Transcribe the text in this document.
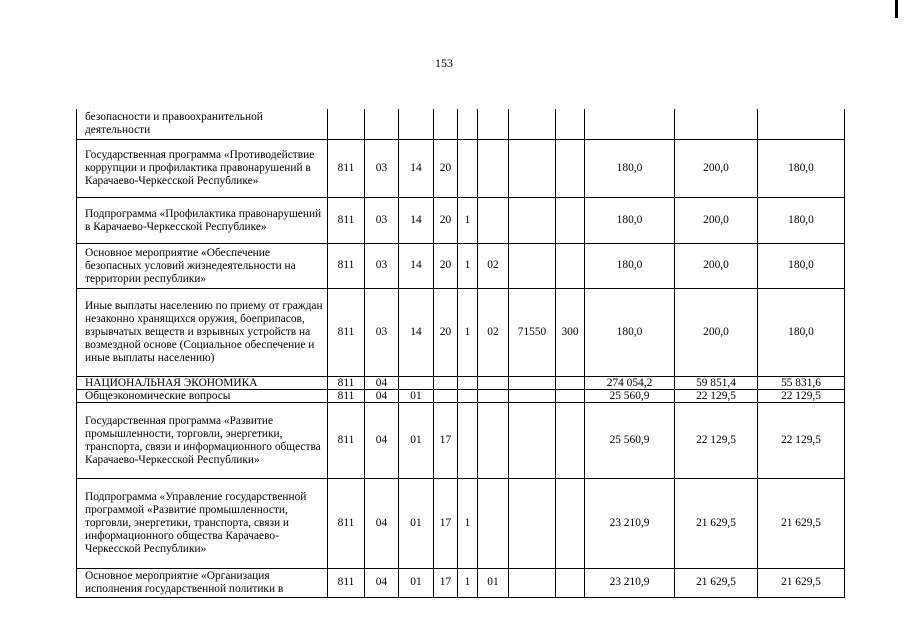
153
безопасности и правоохранительной деятельности											
Государственная программа «Противодействие коррупции и профилактика правонарушений в Карачаево-Черкесской Республике»	811	03	14	20					180,0	200,0	180,0
Подпрограмма «Профилактика правонарушений в Карачаево-Черкесской Республике»	811	03	14	20	1				180,0	200,0	180,0
Основное мероприятие «Обеспечение безопасных условий жизнедеятельности на территории республики»	811	03	14	20	1	02			180,0	200,0	180,0
Иные выплаты населению по приему от граждан незаконно хранящихся оружия, боеприпасов, взрывчатых веществ и взрывных устройств на возмездной основе (Социальное обеспечение и иные выплаты населению)	811	03	14	20	1	02	71550	300	180,0	200,0	180,0
НАЦИОНАЛЬНАЯ ЭКОНОМИКА	811	04							274 054,2	59 851,4	55 831,6
Общеэкономические вопросы	811	04	01						25 560,9	22 129,5	22 129,5
Государственная программа «Развитие промышленности, торговли, энергетики, транспорта, связи и информационного общества Карачаево-Черкесской Республики»	811	04	01	17					25 560,9	22 129,5	22 129,5
Подпрограмма «Управление государственной программой «Развитие промышленности, торговли, энергетики, транспорта, связи и информационного общества Карачаево-Черкесской Республики»	811	04	01	17	1				23 210,9	21 629,5	21 629,5
Основное мероприятие «Организация исполнения государственной политики в	811	04	01	17	1	01			23 210,9	21 629,5	21 629,5
